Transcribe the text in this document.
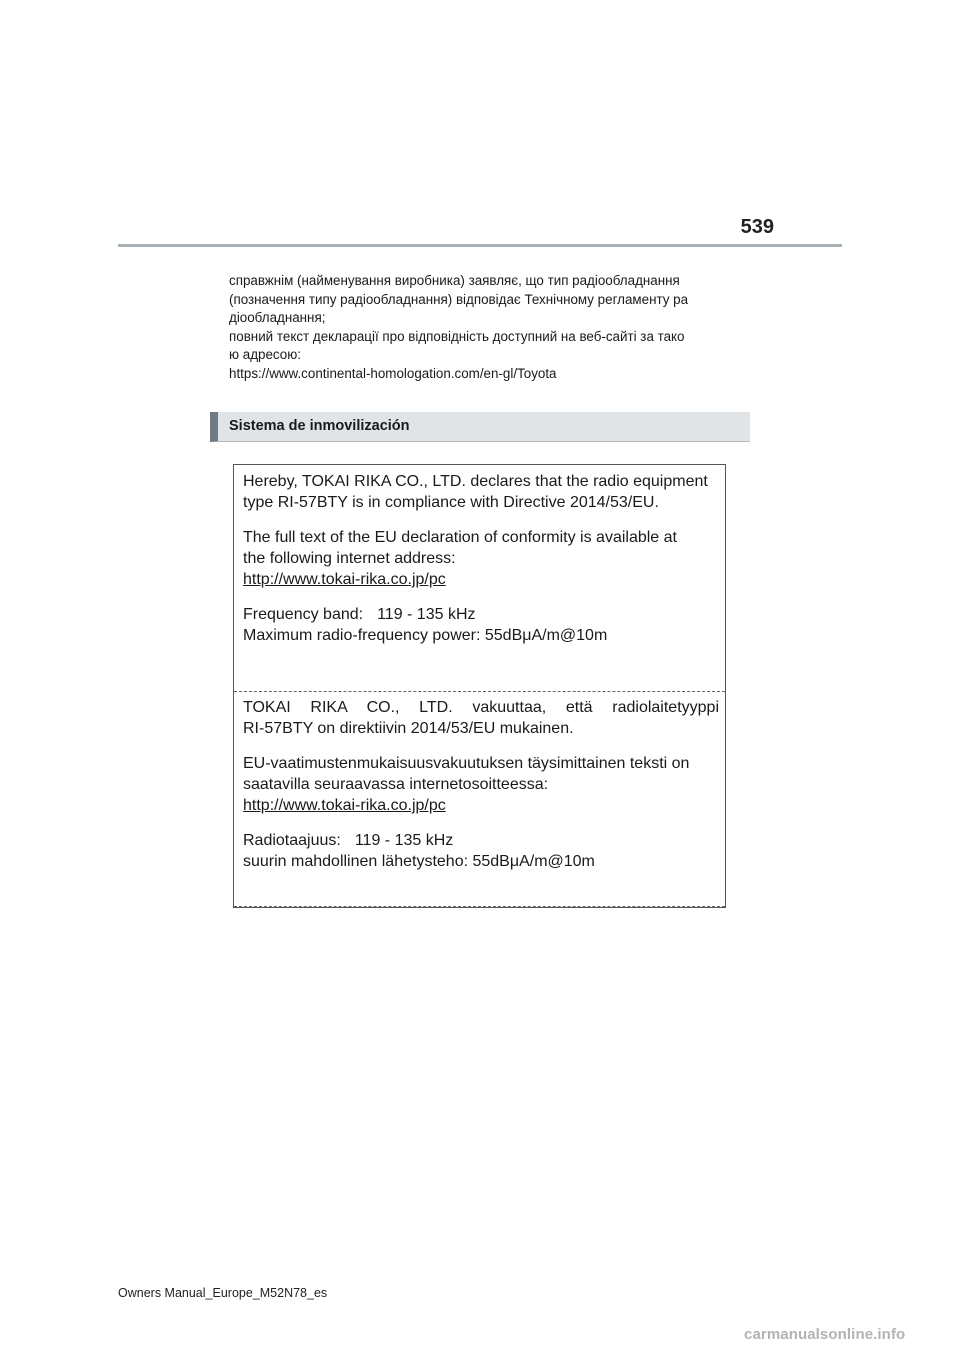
539
справжнім (найменування виробника) заявляє, що тип радіообладнання
(позначення типу радіообладнання) відповідає Технічному регламенту ра
діообладнання;
повний текст декларації про відповідність доступний на веб-сайті за тако
ю адресою:
https://www.continental-homologation.com/en-gl/Toyota
Sistema de inmovilización
Hereby, TOKAI RIKA CO., LTD. declares that the radio equipment
type RI-57BTY is in compliance with Directive 2014/53/EU.
The full text of the EU declaration of conformity is available at
the following internet address:
http://www.tokai-rika.co.jp/pc
Frequency band: 119 - 135 kHz
Maximum radio-frequency power: 55dBμA/m@10m
TOKAI RIKA CO., LTD. vakuuttaa, että radiolaitetyyppi
RI-57BTY on direktiivin 2014/53/EU mukainen.
EU-vaatimustenmukaisuusvakuutuksen täysimittainen teksti on
saatavilla seuraavassa internetosoitteessa:
http://www.tokai-rika.co.jp/pc
Radiotaajuus: 119 - 135 kHz
suurin mahdollinen lähetysteho: 55dBμA/m@10m
Owners Manual_Europe_M52N78_es
carmanualsonline.info
